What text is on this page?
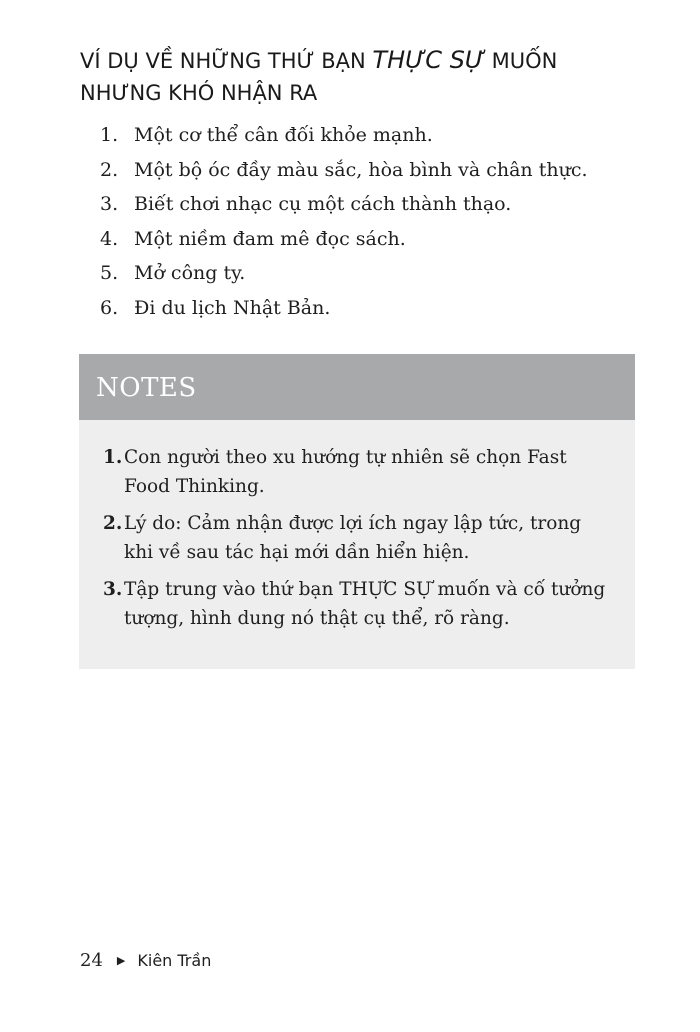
VÍ DỤ VỀ NHỮNG THỨ BẠN THỰC SỰ MUỐN NHƯNG KHÓ NHẬN RA
1. Một cơ thể cân đối khỏe mạnh.
2. Một bộ óc đầy màu sắc, hòa bình và chân thực.
3. Biết chơi nhạc cụ một cách thành thạo.
4. Một niềm đam mê đọc sách.
5. Mở công ty.
6. Đi du lịch Nhật Bản.
NOTES
1. Con người theo xu hướng tự nhiên sẽ chọn Fast Food Thinking.
2. Lý do: Cảm nhận được lợi ích ngay lập tức, trong khi về sau tác hại mới dần hiển hiện.
3. Tập trung vào thứ bạn THỰC SỰ muốn và cố tưởng tượng, hình dung nó thật cụ thể, rõ ràng.
24 ▶ Kiên Trần
